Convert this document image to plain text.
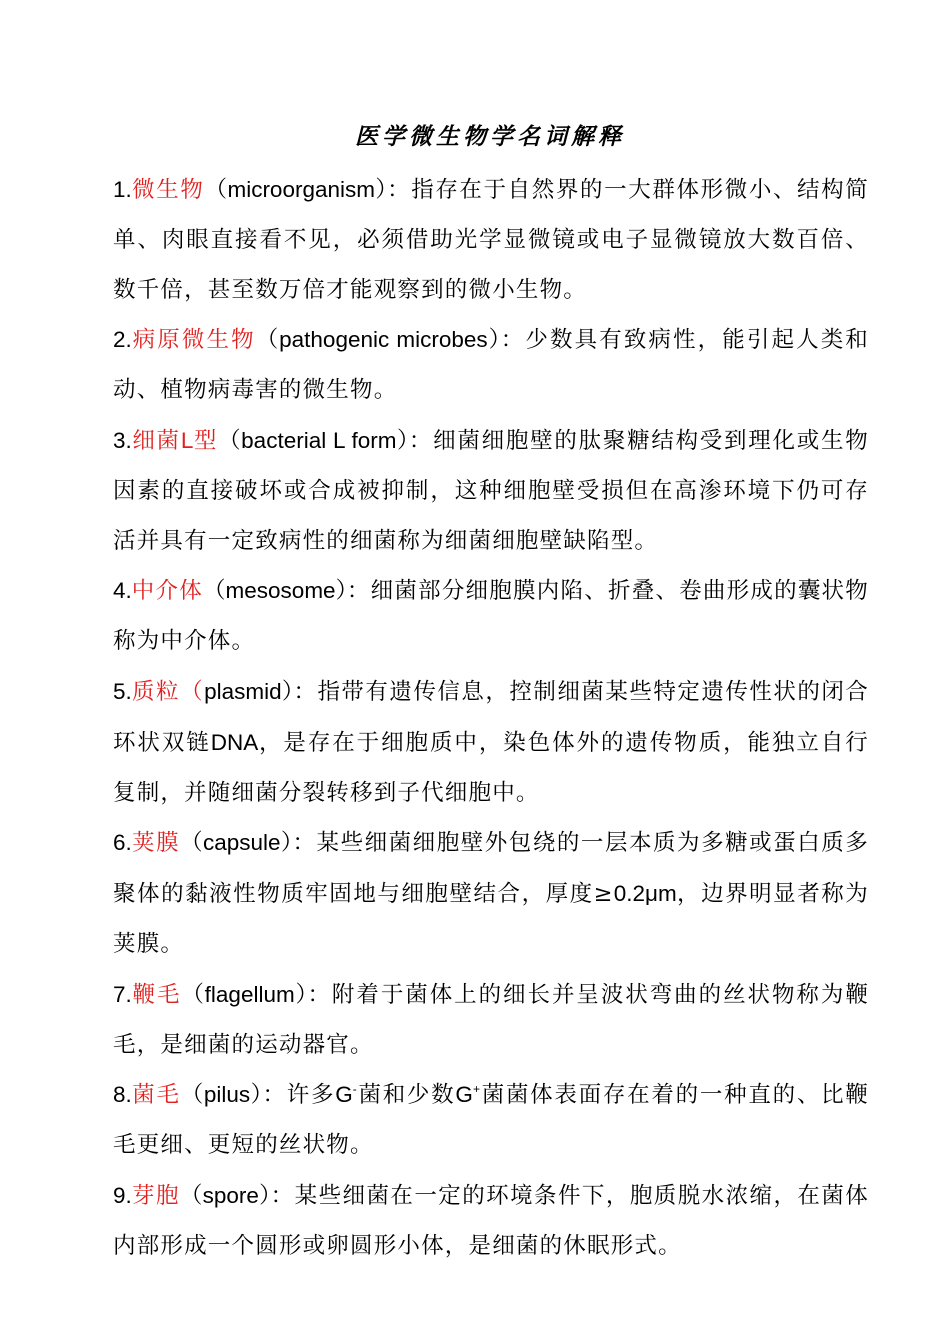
医学微生物学名词解释

1.微生物（microorganism）：指存在于自然界的一大群体形微小、结构简单、肉眼直接看不见，必须借助光学显微镜或电子显微镜放大数百倍、数千倍，甚至数万倍才能观察到的微小生物。

2.病原微生物（pathogenic microbes）：少数具有致病性，能引起人类和动、植物病毒害的微生物。

3.细菌L型（bacterial L form）：细菌细胞壁的肽聚糖结构受到理化或生物因素的直接破坏或合成被抑制，这种细胞壁受损但在高渗环境下仍可存活并具有一定致病性的细菌称为细菌细胞壁缺陷型。

4.中介体（mesosome）：细菌部分细胞膜内陷、折叠、卷曲形成的囊状物称为中介体。

5.质粒（plasmid）：指带有遗传信息，控制细菌某些特定遗传性状的闭合环状双链DNA，是存在于细胞质中，染色体外的遗传物质，能独立自行复制，并随细菌分裂转移到子代细胞中。

6.荚膜（capsule）：某些细菌细胞壁外包绕的一层本质为多糖或蛋白质多聚体的黏液性物质牢固地与细胞壁结合，厚度≥0.2μm，边界明显者称为荚膜。

7.鞭毛（flagellum）：附着于菌体上的细长并呈波状弯曲的丝状物称为鞭毛，是细菌的运动器官。

8.菌毛（pilus）：许多G-菌和少数G+菌菌体表面存在着的一种直的、比鞭毛更细、更短的丝状物。

9.芽胞（spore）：某些细菌在一定的环境条件下，胞质脱水浓缩，在菌体内部形成一个圆形或卵圆形小体，是细菌的休眠形式。
